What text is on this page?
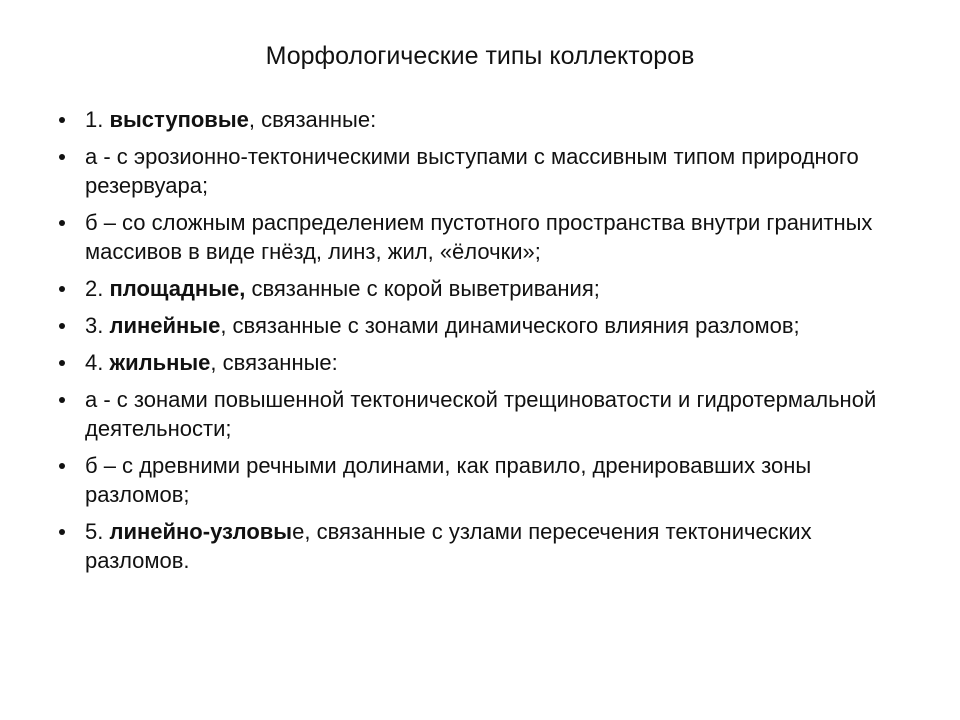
Морфологические типы коллекторов
1. выступовые, связанные:
а - с эрозионно-тектоническими выступами с массивным типом природного резервуара;
б – со сложным распределением пустотного пространства внутри гранитных массивов в виде гнёзд, линз, жил, «ёлочки»;
2. площадные, связанные с корой выветривания;
3. линейные, связанные с зонами динамического влияния разломов;
4. жильные, связанные:
а - с зонами повышенной тектонической трещиноватости и гидротермальной деятельности;
б – с древними речными долинами, как правило, дренировавших зоны разломов;
5. линейно-узловые, связанные с узлами пересечения тектонических разломов.
